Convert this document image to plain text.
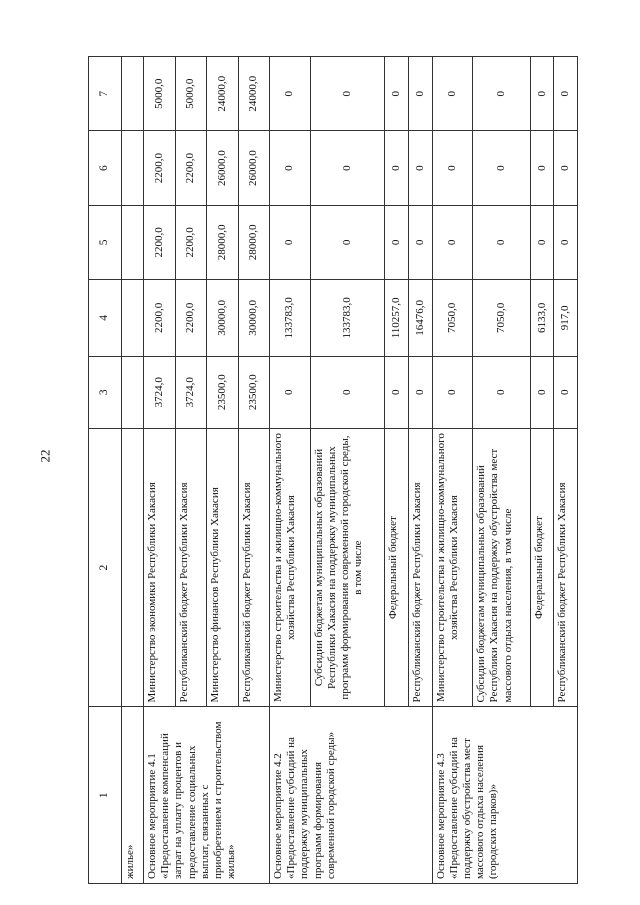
22
1	2	3	4	5	6	7
жилье»						
Основное мероприятие 4.1 «Предоставление компенсаций затрат на уплату процентов и предоставление социальных выплат, связанных с приобретением и строительством жилья»	Министерство экономики Республики Хакасия	3724,0	2200,0	2200,0	2200,0	5000,0
	Республиканский бюджет Республики Хакасия	3724,0	2200,0	2200,0	2200,0	5000,0
	Министерство финансов Республики Хакасия	23500,0	30000,0	28000,0	26000,0	24000,0
	Республиканский бюджет Республики Хакасия	23500,0	30000,0	28000,0	26000,0	24000,0
Основное мероприятие 4.2 «Предоставление субсидий на поддержку муниципальных программ формирования современной городской среды»	Министерство строительства и жилищно-коммунального хозяйства Республики Хакасия	0	133783,0	0	0	0
	Субсидии бюджетам муниципальных образований Республики Хакасия на поддержку муниципальных программ формирования современной городской среды, в том числе	0	133783,0	0	0	0
	Федеральный бюджет	0	110257,0	0	0	0
	Республиканский бюджет Республики Хакасия	0	16476,0	0	0	0
Основное мероприятие 4.3 «Предоставление субсидий на поддержку обустройства мест массового отдыха населения (городских парков)»	Министерство строительства и жилищно-коммунального хозяйства Республики Хакасия	0	7050,0	0	0	0
	Субсидии бюджетам муниципальных образований Республики Хакасия на поддержку обустройства мест массового отдыха населения, в том числе	0	7050,0	0	0	0
	Федеральный бюджет	0	6133,0	0	0	0
	Республиканский бюджет Республики Хакасия	0	917,0	0	0	0
